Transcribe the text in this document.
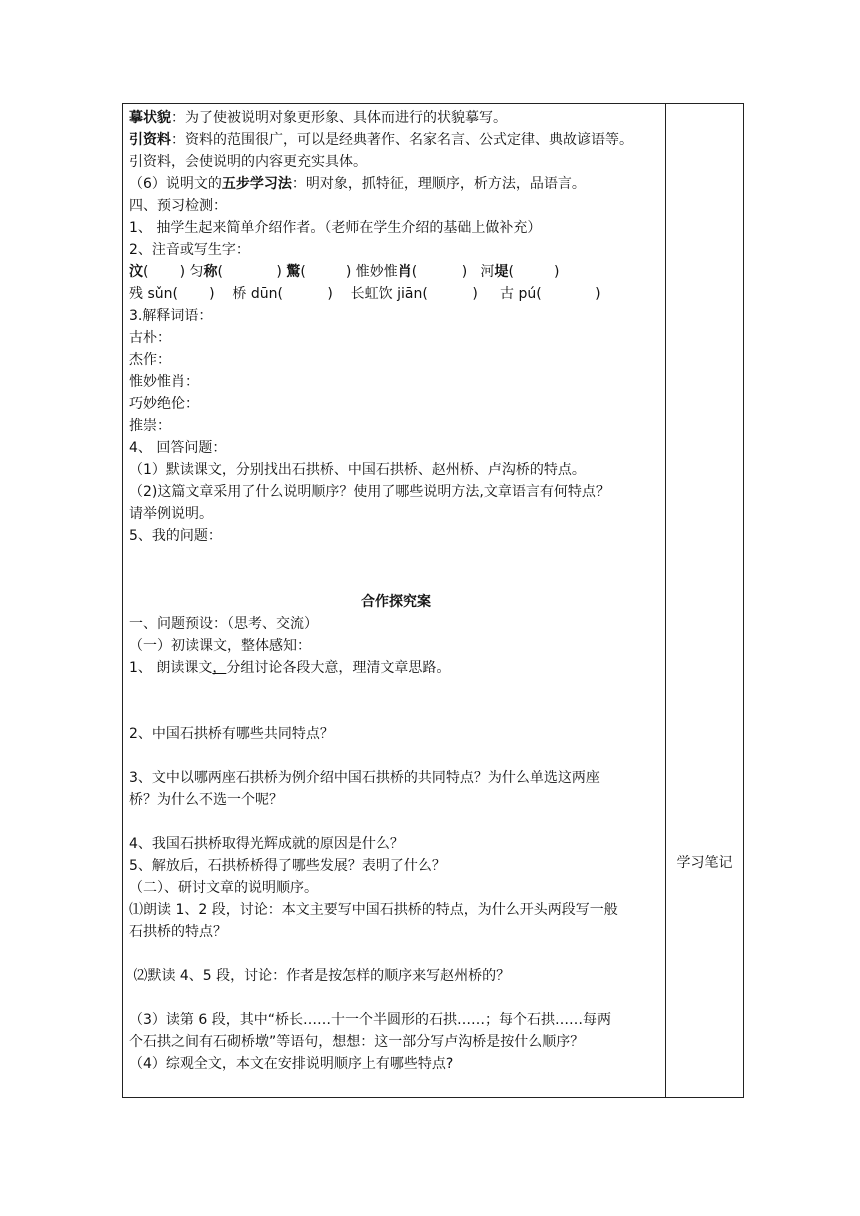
摹状貌：为了使被说明对象更形象、具体而进行的状貌摹写。
引资料：资料的范围很广，可以是经典著作、名家名言、公式定律、典故谚语等。
引资料，会使说明的内容更充实具体。
（6）说明文的五步学习法：明对象，抓特征，理顺序，析方法，品语言。
四、预习检测：
1、 抽学生起来简单介绍作者。（老师在学生介绍的基础上做补充）
2、注音或写生字：
汶(       ) 匀称(            ) 驚(         ) 惟妙惟肖(          )   河堤(         )
残 sǔn(       )    桥 dūn(          )    长虹饮 jiān(          )     古 pú(            )
3.解释词语：
古朴：
杰作：
惟妙惟肖：
巧妙绝伦：
推崇：
4、 回答问题：
（1）默读课文，分别找出石拱桥、中国石拱桥、赵州桥、卢沟桥的特点。
（2)这篇文章采用了什么说明顺序？使用了哪些说明方法,文章语言有何特点？
请举例说明。
5、我的问题：
合作探究案
一、问题预设：（思考、交流）
（一）初读课文，整体感知：
1、 朗读课文，分组讨论各段大意，理清文章思路。
2、中国石拱桥有哪些共同特点？
3、文中以哪两座石拱桥为例介绍中国石拱桥的共同特点？为什么单选这两座
桥？为什么不选一个呢？
4、我国石拱桥取得光辉成就的原因是什么？
5、解放后，石拱桥桥得了哪些发展？表明了什么？
（二）、研讨文章的说明顺序。
⑴朗读 1、2 段，讨论：本文主要写中国石拱桥的特点，为什么开头两段写一般
石拱桥的特点？
⑵默读 4、5 段，讨论：作者是按怎样的顺序来写赵州桥的？
（3）读第 6 段，其中“桥长……十一个半圆形的石拱……；每个石拱……每两
个石拱之间有石砌桥墩”等语句，想想：这一部分写卢沟桥是按什么顺序？
（4）综观全文，本文在安排说明顺序上有哪些特点?
学习笔记
